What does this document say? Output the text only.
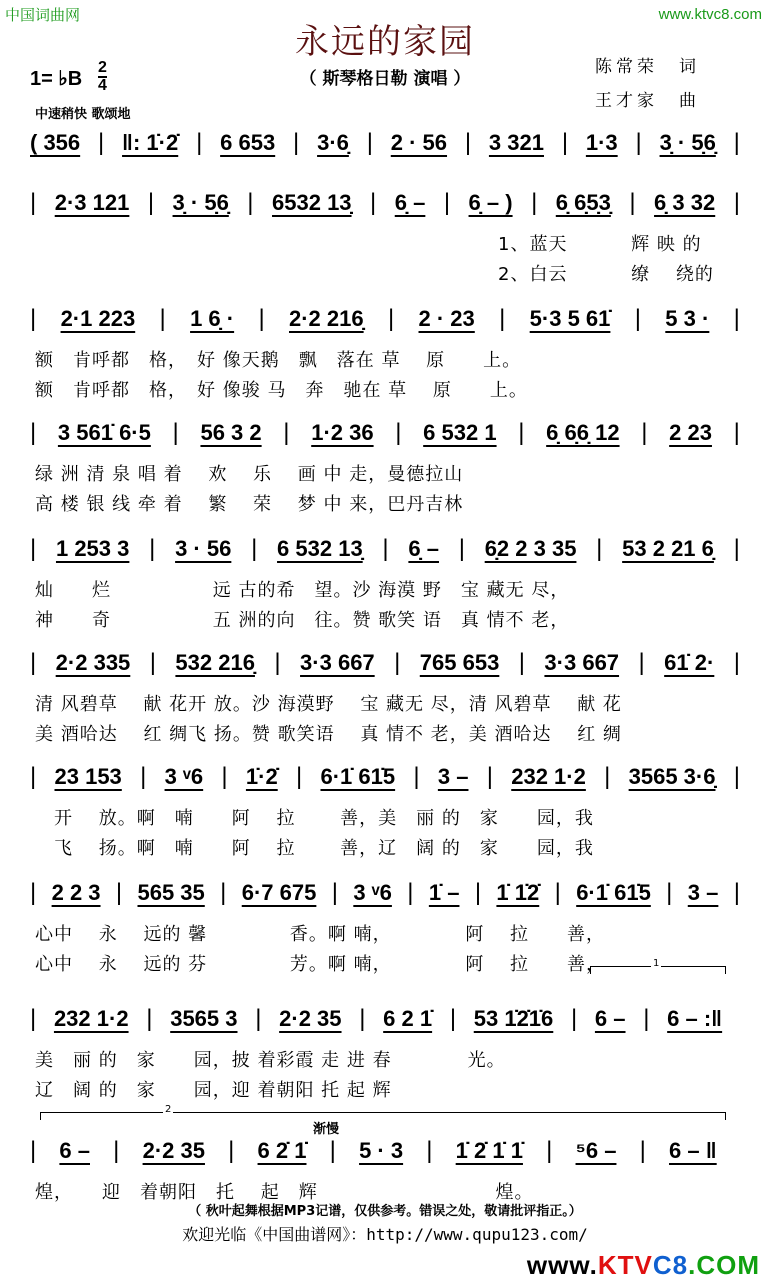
中国词曲网	www.ktvc8.com
永远的家园
（ 斯琴格日勒 演唱 ）
陈常荣　词
王才家　曲
1= ♭B
2
4
中速稍快 歌颂地
渐慢
( 356 | ‖: 1̇·2̇ | 6 653 | 3·6̣ | 2 · 56 | 3 321 | 1·3 | 3̣ · 5̣6̣ |
| 2·3 121 | 3̣ · 5̣6̣ | 6532 13̣ | 6̣ – | 6̣ – ) | 6̣ 6̣5̣3̣ | 6̣ 3 32 |
1、蓝天　　　 辉 映 的
2、白云　　　 缭　 绕的
| 2·1 223 | 1 6̣ · | 2·2 216̣ | 2 · 23 | 5·3 5 61̇ | 5 3 · |
额　肯呼都　格，　好 像天鹅　飘　落在 草　 原　　上。
额　肯呼都　格，　好 像骏 马　奔　驰在 草　 原　　上。
| 3 561̇ 6·5 | 56 3 2 | 1·2 36 | 6 532 1 | 6̣ 6̣6̣ 12 | 2 23 |
绿 洲 清 泉 唱 着　 欢　 乐　 画 中 走，曼德拉山
高 楼 银 线 牵 着　 繁　 荣　 梦 中 来，巴丹吉林
| 1 253 3 | 3 · 56 | 6 532 13̣ | 6̣ – | 6̣2 2 3 35 | 53 2 21 6̣ |
灿　　烂　　　　　 远 古的希　望。沙 海漠 野　宝 藏无 尽，
神　　奇　　　　　 五 洲的向　往。赞 歌笑 语　真 情不 老，
| 2·2 335 | 532 216̣ | 3·3 667 | 765 653 | 3·3 667 | 61̇ 2· |
清 风碧草　 献 花开 放。沙 海漠野　 宝 藏无 尽，清 风碧草　 献 花
美 酒哈达　 红 绸飞 扬。赞 歌笑语　 真 情不 老，美 酒哈达　 红 绸
| 23 153 | 3 ᵛ6 | 1̇·2̇ | 6·1̇ 61̇5 | 3 – | 232 1·2 | 3565 3·6̣ |
　开　 放。啊　喃　　阿　 拉　　 善，美　丽 的　家　　园，我
　飞　 扬。啊　喃　　阿　 拉　　 善，辽　阔 的　家　　园，我
| 2 2 3 | 565 35 | 6·7 675 | 3 ᵛ6 | 1̇ – | 1̇ 1̇2̇ | 6·1̇ 61̇5 | 3 – |
心中　 永　 远的 馨　　　　 香。啊 喃，　　　　 阿　 拉　　善，
心中　 永　 远的 芬　　　　 芳。啊 喃，　　　　 阿　 拉　　善，
| 232 1·2 | 3565 3 | 2·2 35 | 6 2 1̇ | 53 1̇2̇1̇6 | 6 – | 6 – :‖
美　丽 的　家　　园，披 着彩霞 走 进 春　　　　光。
辽　阔 的　家　　园，迎 着朝阳 托 起 辉
1
| 6 – | 2·2 35 | 6 2̇ 1̇ | 5 · 3 | 1̇ 2̇ 1̇ 1̇ | ⁵6 – | 6 – ‖
煌，　　迎　着朝阳　托　 起　辉　　　　　　　　　 煌。
2
（ 秋叶起舞根据MP3记谱，仅供参考。错误之处，敬请批评指正。）
欢迎光临《中国曲谱网》：http://www.qupu123.com/
www.KTVC8.COM
